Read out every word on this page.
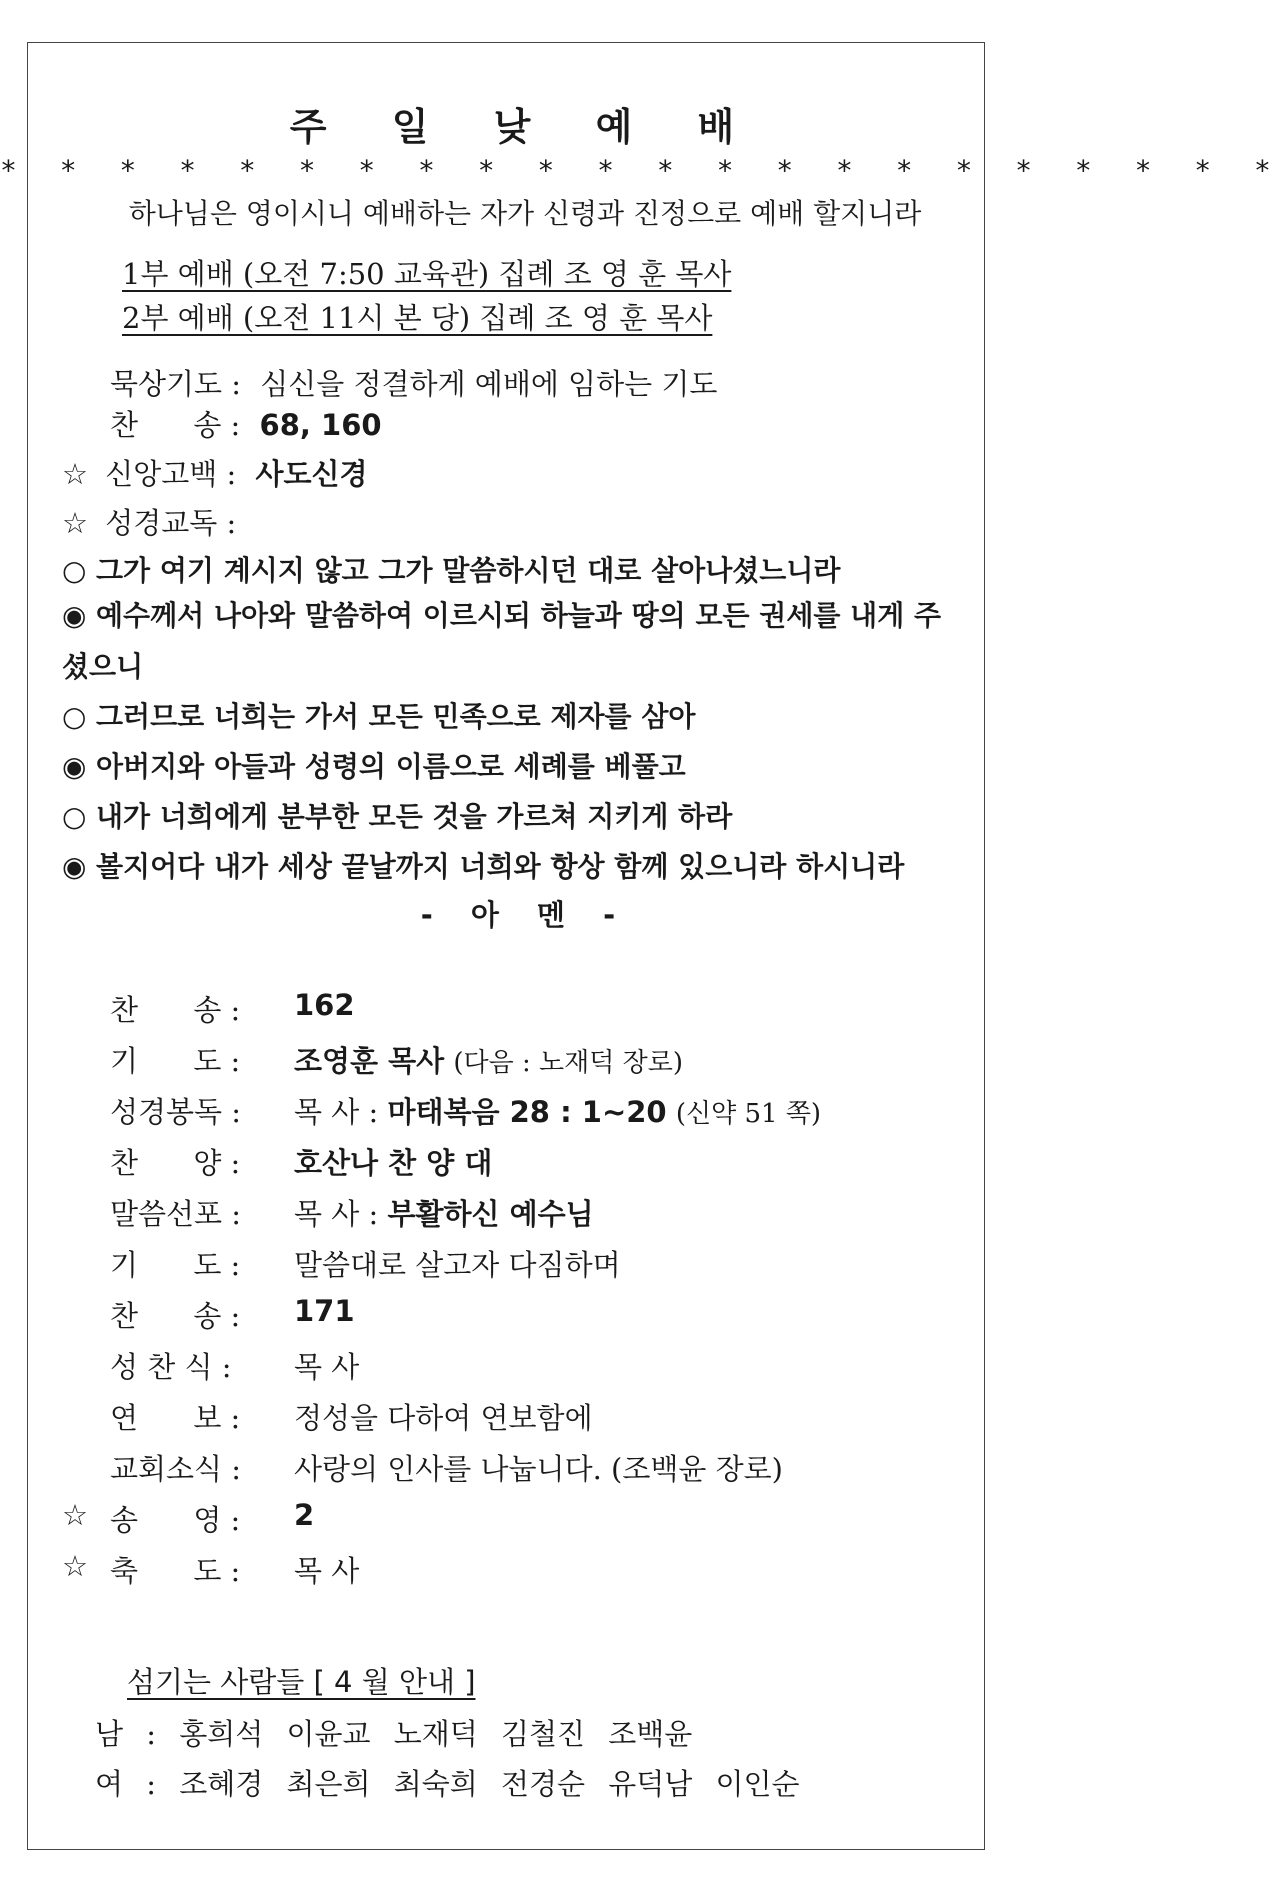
주 일 낮 예 배
* * * * * * * * * * * * * * * * * * * * * *
하나님은 영이시니 예배하는 자가 신령과 진정으로 예배 할지니라
1부 예배 (오전 7:50 교육관) 집례 조 영 훈 목사
2부 예배 (오전 11시 본 당) 집례 조 영 훈 목사
묵상기도 : 심신을 정결하게 예배에 임하는 기도
찬      송 : 68, 160
☆ 신앙고백 : 사도신경
☆ 성경교독 :
○ 그가 여기 계시지 않고 그가 말씀하시던 대로 살아나셨느니라
◉ 예수께서 나아와 말씀하여 이르시되 하늘과 땅의 모든 권세를 내게 주셨으니
○ 그러므로 너희는 가서 모든 민족으로 제자를 삼아
◉ 아버지와 아들과 성령의 이름으로 세례를 베풀고
○ 내가 너희에게 분부한 모든 것을 가르쳐 지키게 하라
◉ 볼지어다 내가 세상 끝날까지 너희와 항상 함께 있으니라 하시니라
- 아 멘 -
찬      송 :	162
기      도 :	조영훈 목사 (다음 : 노재덕 장로)
성경봉독 :	목 사 : 마태복음 28 : 1~20 (신약 51 쪽)
찬      양 :	호산나 찬 양 대
말씀선포 :	목 사 : 부활하신 예수님
기      도 :	말씀대로 살고자 다짐하며
찬      송 :	171
성 찬 식 :	목 사
연      보 :	정성을 다하여 연보함에
교회소식 :	사랑의 인사를 나눕니다. (조백윤 장로)
☆ 송      영 :	2
☆ 축      도 :	목 사
섬기는 사람들 [ 4 월 안내 ]
남 : 홍희석 이윤교 노재덕 김철진 조백윤
여 : 조혜경 최은희 최숙희 전경순 유덕남 이인순
